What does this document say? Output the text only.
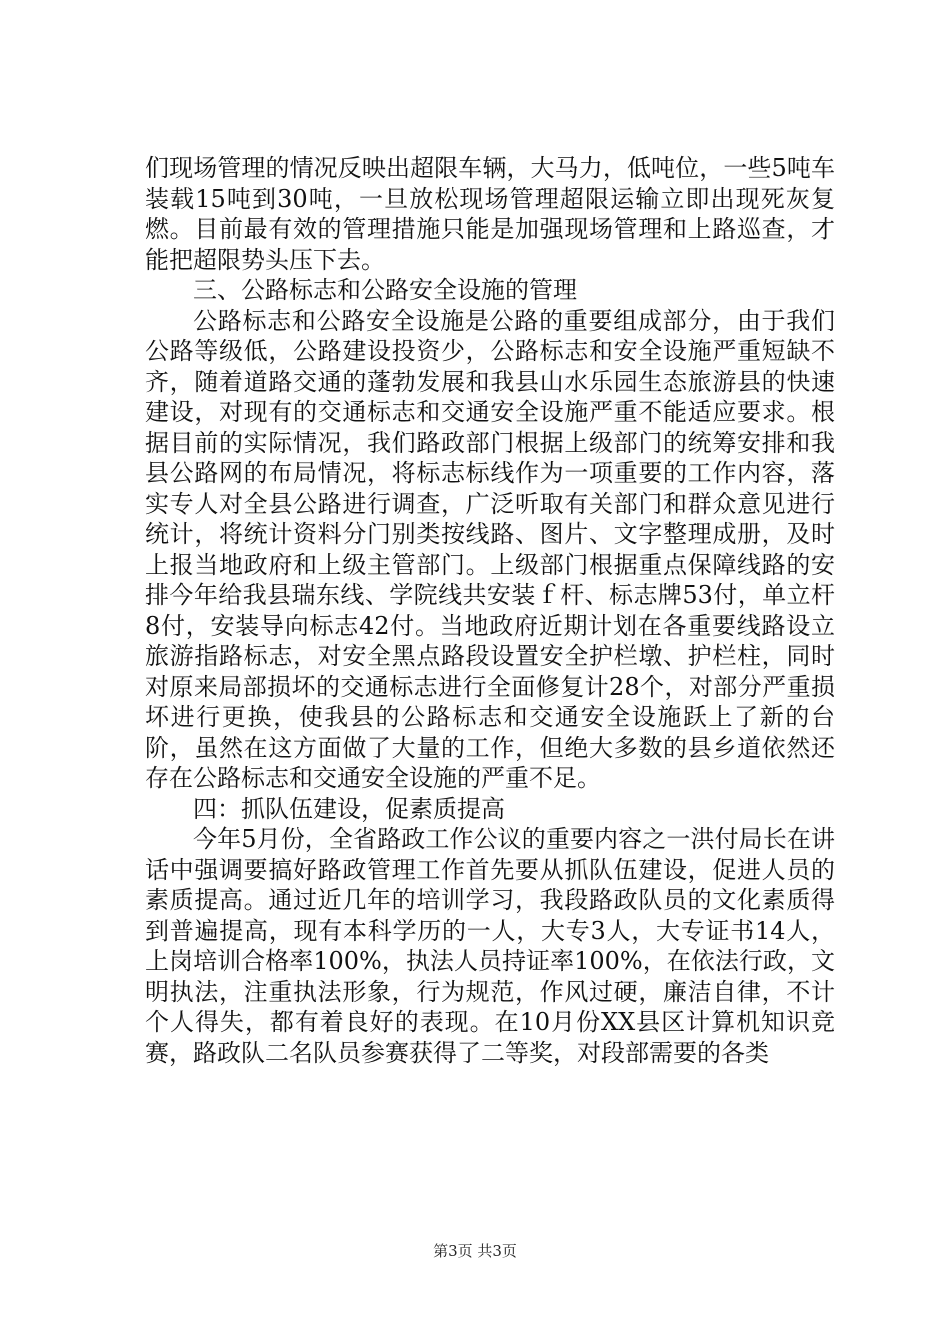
们现场管理的情况反映出超限车辆，大马力，低吨位，一些5吨车装载15吨到30吨，一旦放松现场管理超限运输立即出现死灰复燃。目前最有效的管理措施只能是加强现场管理和上路巡查，才能把超限势头压下去。

三、公路标志和公路安全设施的管理

公路标志和公路安全设施是公路的重要组成部分，由于我们公路等级低，公路建设投资少，公路标志和安全设施严重短缺不齐，随着道路交通的蓬勃发展和我县山水乐园生态旅游县的快速建设，对现有的交通标志和交通安全设施严重不能适应要求。根据目前的实际情况，我们路政部门根据上级部门的统筹安排和我县公路网的布局情况，将标志标线作为一项重要的工作内容，落实专人对全县公路进行调查，广泛听取有关部门和群众意见进行统计，将统计资料分门别类按线路、图片、文字整理成册，及时上报当地政府和上级主管部门。上级部门根据重点保障线路的安排今年给我县瑞东线、学院线共安装ｆ杆、标志牌53付，单立杆8付，安装导向标志42付。当地政府近期计划在各重要线路设立旅游指路标志，对安全黑点路段设置安全护栏墩、护栏柱，同时对原来局部损坏的交通标志进行全面修复计28个，对部分严重损坏进行更换，使我县的公路标志和交通安全设施跃上了新的台阶，虽然在这方面做了大量的工作，但绝大多数的县乡道依然还存在公路标志和交通安全设施的严重不足。

四：抓队伍建设，促素质提高

今年5月份，全省路政工作公议的重要内容之一洪付局长在讲话中强调要搞好路政管理工作首先要从抓队伍建设，促进人员的素质提高。通过近几年的培训学习，我段路政队员的文化素质得到普遍提高，现有本科学历的一人，大专3人，大专证书14人，上岗培训合格率100%，执法人员持证率100%，在依法行政，文明执法，注重执法形象，行为规范，作风过硬，廉洁自律，不计个人得失，都有着良好的表现。在10月份XX县区计算机知识竞赛，路政队二名队员参赛获得了二等奖，对段部需要的各类

第3页 共3页
